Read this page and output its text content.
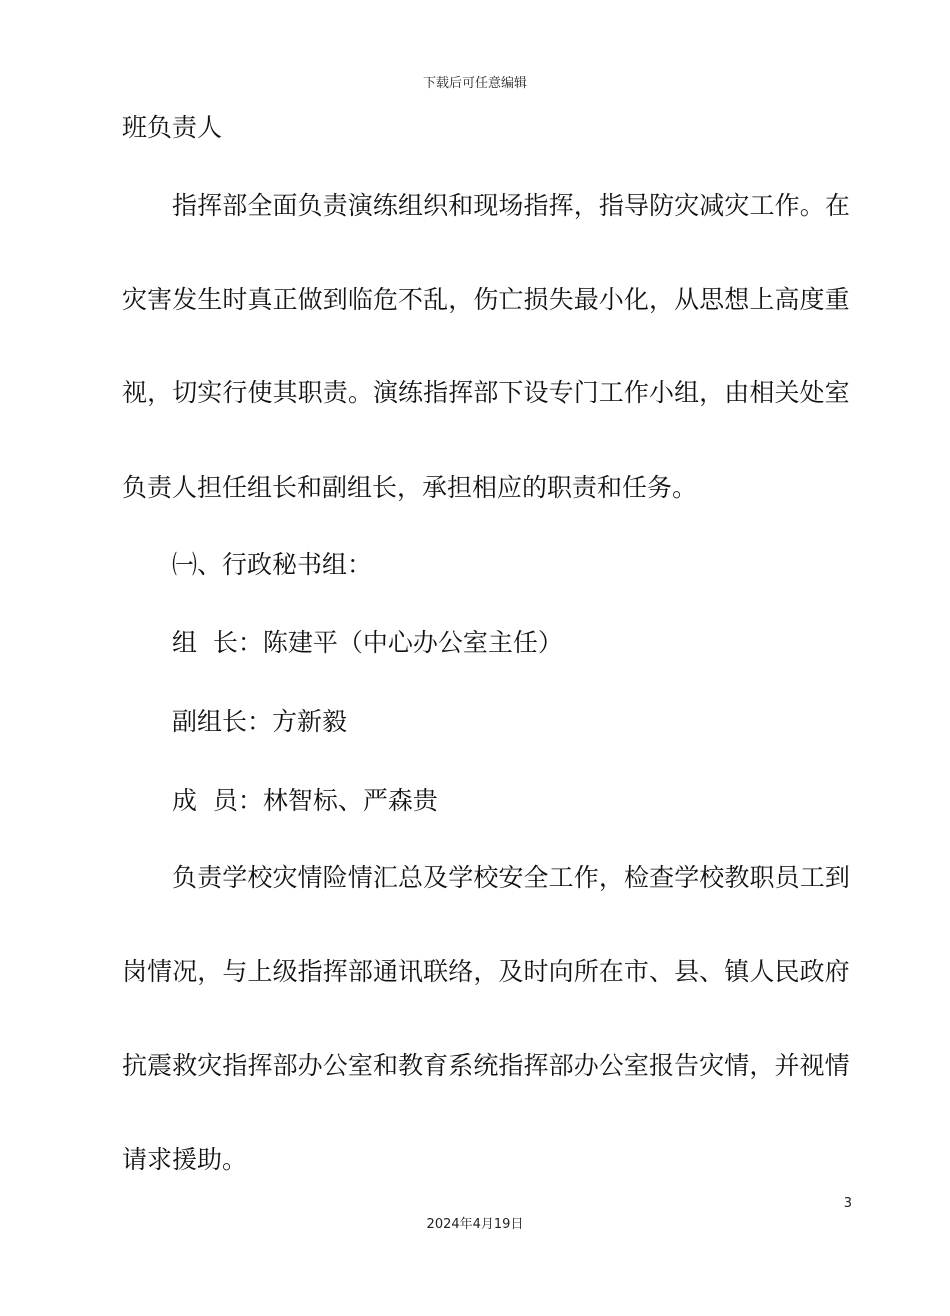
下载后可任意编辑
班负责人
指 挥 部 全 面 负 责 演 练 组 织 和 现 场 指 挥 ， 指 导 防 灾 减 灾 工 作 。 在
灾 害 发 生 时 真 正 做 到 临 危 不 乱 ， 伤 亡 损 失 最 小 化 ， 从 思 想 上 高 度 重
视 ， 切 实 行 使 其 职 责 。 演 练 指 挥 部 下 设 专 门 工 作 小 组 ， 由 相 关 处 室
负责人担任组长和副组长，承担相应的职责和任务。
㈠、行政秘书组：
组  长：陈建平（中心办公室主任）
副组长：方新毅
成  员：林智标、严森贵
负 责 学 校 灾 情 险 情 汇 总 及 学 校 安 全 工 作 ， 检 查 学 校 教 职 员 工 到
岗 情 况 ， 与 上 级 指 挥 部 通 讯 联 络 ， 及 时 向 所 在 市 、 县 、 镇 人 民 政 府
抗 震 救 灾 指 挥 部 办 公 室 和 教 育 系 统 指 挥 部 办 公 室 报 告 灾 情 ， 并 视 情
请求援助。
3
2024年4月19日
